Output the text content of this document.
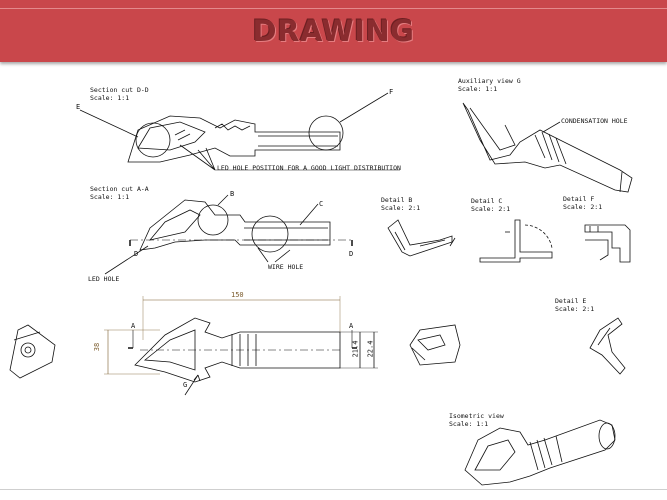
DRAWING
Section cut D-D
Scale: 1:1
Section cut A-A
Scale: 1:1
Auxiliary view G
Scale: 1:1
Detail B
Scale: 2:1
Detail C
Scale: 2:1
Detail F
Scale: 2:1
Detail E
Scale: 2:1
Isometric view
Scale: 1:1
LED HOLE POSITION FOR A GOOD LIGHT DISTRIBUTION
CONDENSATION HOLE
LED HOLE
WIRE HOLE
E
F
B
C
D	D
A	A
G
150
38	21.4 22.4
